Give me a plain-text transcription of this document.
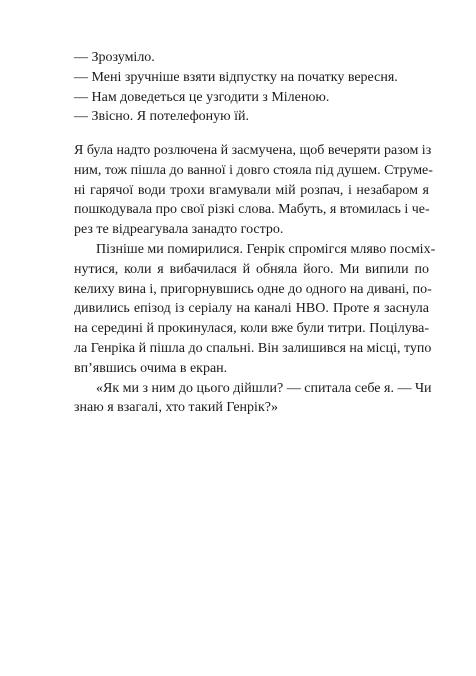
— Зрозуміло.
— Мені зручніше взяти відпустку на початку вересня.
— Нам доведеться це узгодити з Міленою.
— Звісно. Я потелефоную їй.
Я була надто розлючена й засмучена, щоб вечеряти разом із
ним, тож пішла до ванної і довго стояла під душем. Струме-
ні гарячої води трохи вгамували мій розпач, і незабаром я
пошкодувала про свої різкі слова. Мабуть, я втомилась і че-
рез те відреагувала занадто гостро.
Пізніше ми помирилися. Генрік спромігся мляво посміх-
нутися, коли я вибачилася й обняла його. Ми випили по
келиху вина і, пригорнувшись одне до одного на дивані, по-
дивились епізод із серіалу на каналі HBO. Проте я заснула
на середині й прокинулася, коли вже були титри. Поцілува-
ла Генріка й пішла до спальні. Він залишився на місці, тупо
вп’явшись очима в екран.
«Як ми з ним до цього дійшли? — спитала себе я. — Чи
знаю я взагалі, хто такий Генрік?»
